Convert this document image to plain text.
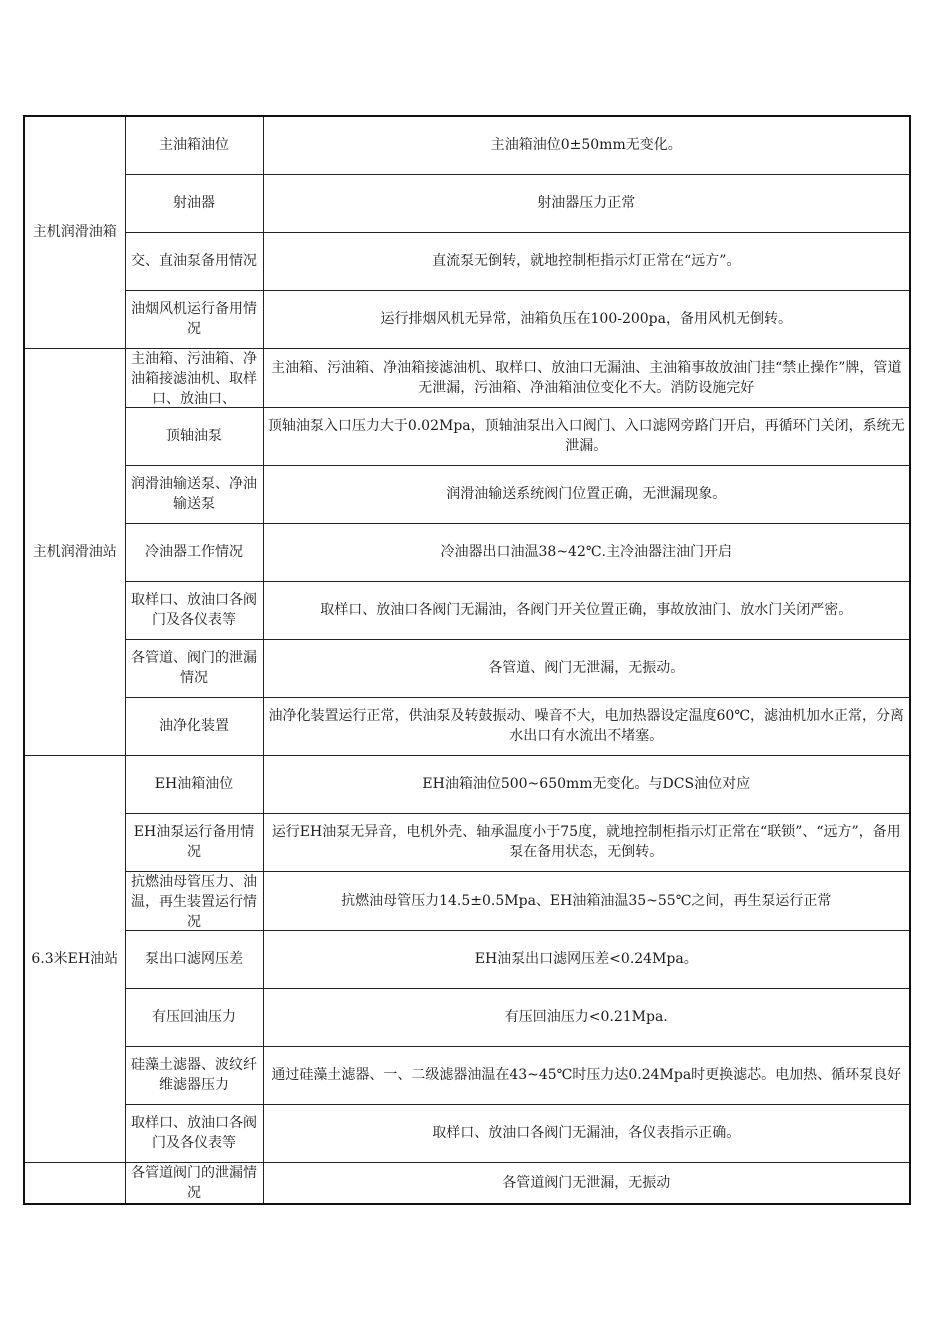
主机润滑油箱	主油箱油位	主油箱油位0±50mm无变化。
	射油器	射油器压力正常
	交、直油泵备用情况	直流泵无倒转，就地控制柜指示灯正常在“远方”。
	油烟风机运行备用情况	运行排烟风机无异常，油箱负压在100-200pa，备用风机无倒转。
主机润滑油站	主油箱、污油箱、净油箱接滤油机、取样口、放油口、	主油箱、污油箱、净油箱接滤油机、取样口、放油口无漏油、主油箱事故放油门挂“禁止操作”牌，管道无泄漏，污油箱、净油箱油位变化不大。消防设施完好
	顶轴油泵	顶轴油泵入口压力大于0.02Mpa，顶轴油泵出入口阀门、入口滤网旁路门开启，再循环门关闭，系统无泄漏。
	润滑油输送泵、净油输送泵	润滑油输送系统阀门位置正确，无泄漏现象。
	冷油器工作情况	冷油器出口油温38~42℃.主冷油器注油门开启
	取样口、放油口各阀门及各仪表等	取样口、放油口各阀门无漏油，各阀门开关位置正确，事故放油门、放水门关闭严密。
	各管道、阀门的泄漏情况	各管道、阀门无泄漏，无振动。
	油净化装置	油净化装置运行正常，供油泵及转鼓振动、噪音不大，电加热器设定温度60℃，滤油机加水正常，分离水出口有水流出不堵塞。
6.3米EH油站	EH油箱油位	EH油箱油位500~650mm无变化。与DCS油位对应
	EH油泵运行备用情况	运行EH油泵无异音，电机外壳、轴承温度小于75度，就地控制柜指示灯正常在“联锁”、“远方”，备用泵在备用状态，无倒转。

	抗燃油母管压力、油温，再生装置运行情况	抗燃油母管压力14.5±0.5Mpa、EH油箱油温35~55℃之间，再生泵运行正常
	泵出口滤网压差	EH油泵出口滤网压差<0.24Mpa。
	有压回油压力	有压回油压力<0.21Mpa.
	硅藻土滤器、波纹纤维滤器压力	通过硅藻土滤器、一、二级滤器油温在43~45℃时压力达0.24Mpa时更换滤芯。电加热、循环泵良好
	取样口、放油口各阀门及各仪表等	取样口、放油口各阀门无漏油，各仪表指示正确。

	各管道阀门的泄漏情况	各管道阀门无泄漏，无振动
